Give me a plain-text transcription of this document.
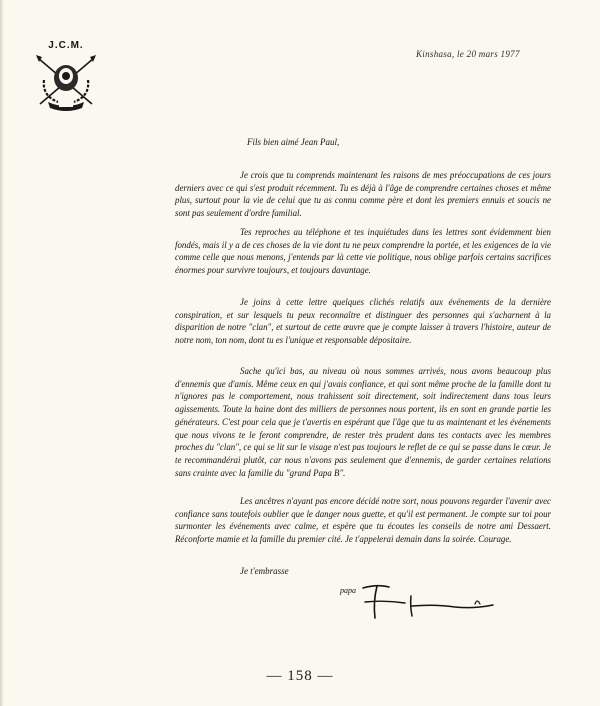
J.C.M.
Kinshasa, le 20 mars 1977
Fils bien aimé Jean Paul,

Je crois que tu comprends maintenant les raisons de mes préoccupations de ces jours derniers avec ce qui s'est produit récemment. Tu es déjà à l'âge de comprendre certaines choses et même plus, surtout pour la vie de celui que tu as connu comme père et dont les premiers ennuis et soucis ne sont pas seulement d'ordre familial.

Tes reproches au téléphone et tes inquiétudes dans les lettres sont évidemment bien fondés, mais il y a de ces choses de la vie dont tu ne peux comprendre la portée, et les exigences de la vie comme celle que nous menons, j'entends par là cette vie politique, nous oblige parfois certains sacrifices énormes pour survivre toujours, et toujours davantage.

Je joins à cette lettre quelques clichés relatifs aux événements de la dernière conspiration, et sur lesquels tu peux reconnaître et distinguer des personnes qui s'acharnent à la disparition de notre "clan", et surtout de cette œuvre que je compte laisser à travers l'histoire, auteur de notre nom, ton nom, dont tu es l'unique et responsable dépositaire.

Sache qu'ici bas, au niveau où nous sommes arrivés, nous avons beaucoup plus d'ennemis que d'amis. Même ceux en qui j'avais confiance, et qui sont même proche de la famille dont tu n'ignores pas le comportement, nous trahissent soit directement, soit indirectement dans tous leurs agissements. Toute la haine dont des milliers de personnes nous portent, ils en sont en grande partie les générateurs. C'est pour cela que je t'avertis en espérant que l'âge que tu as maintenant et les événements que nous vivons te le feront comprendre, de rester très prudent dans tes contacts avec les membres proches du "clan", ce qui se lit sur le visage n'est pas toujours le reflet de ce qui se passe dans le cœur. Je te recommandérai plutôt, car nous n'avons pas seulement que d'ennemis, de garder certaines relations sans crainte avec la famille du "grand Papa B".

Les ancêtres n'ayant pas encore décidé notre sort, nous pouvons regarder l'avenir avec confiance sans toutefois oublier que le danger nous guette, et qu'il est permanent. Je compte sur toi pour surmonter les événements avec calme, et espère que tu écoutes les conseils de notre ami Dessaert. Réconforte mamie et la famille du premier cité. Je t'appelerai demain dans la soirée. Courage.

Je t'embrasse
papa
— 158 —
